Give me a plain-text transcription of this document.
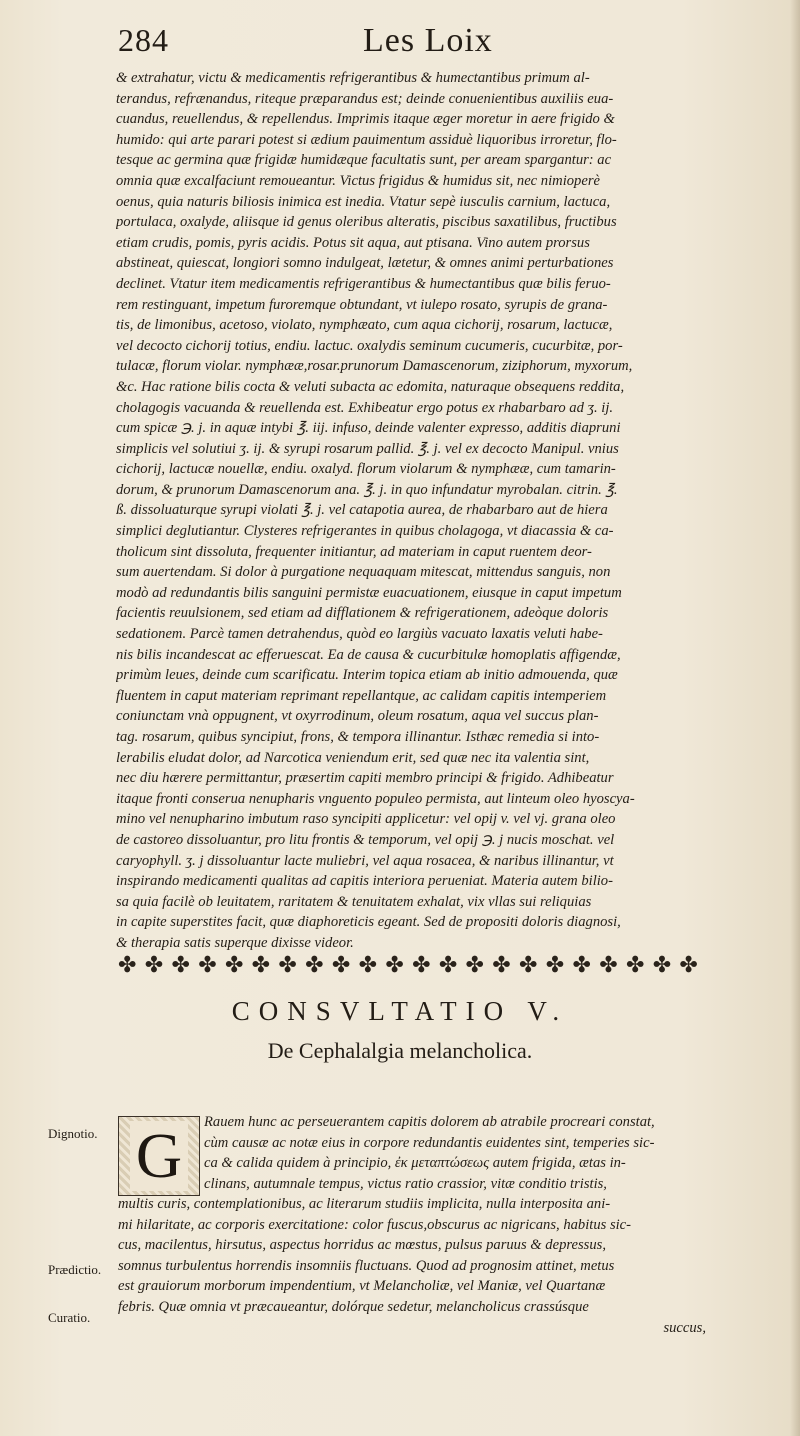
284	Les Loix
& extrahatur, victu & medicamentis refrigerantibus & humectantibus primum al-
terandus, refrænandus, riteque præparandus est; deinde conuenientibus auxiliis eua-
cuandus, reuellendus, & repellendus. Imprimis itaque æger moretur in aere frigido &
humido: qui arte parari potest si ædium pauimentum assiduè liquoribus irroretur, flo-
tesque ac germina quæ frigidæ humidæque facultatis sunt, per aream spargantur: ac
omnia quæ excalfaciunt remoueantur. Victus frigidus & humidus sit, nec nimioperè
oenus, quia naturis biliosis inimica est inedia. Vtatur sepè iusculis carnium, lactuca,
portulaca, oxalyde, aliisque id genus oleribus alteratis, piscibus saxatilibus, fructibus
etiam crudis, pomis, pyris acidis. Potus sit aqua, aut ptisana. Vino autem prorsus
abstineat, quiescat, longiori somno indulgeat, lætetur, & omnes animi perturbationes
declinet. Vtatur item medicamentis refrigerantibus & humectantibus quæ bilis feruo-
rem restinguant, impetum furoremque obtundant, vt iulepo rosato, syrupis de grana-
tis, de limonibus, acetoso, violato, nymphæato, cum aqua cichorij, rosarum, lactucæ,
vel decocto cichorij totius, endiu. lactuc. oxalydis seminum cucumeris, cucurbitæ, por-
tulacæ, florum violar. nymphææ,rosar.prunorum Damascenorum, ziziphorum, myxorum,
&c. Hac ratione bilis cocta & veluti subacta ac edomita, naturaque obsequens reddita,
cholagogis vacuanda & reuellenda est. Exhibeatur ergo potus ex rhabarbaro ad ʒ. ij.
cum spicæ ℈. j. in aquæ intybi ℥. iij. infuso, deinde valenter expresso, additis diapruni
simplicis vel solutiui ʒ. ij. & syrupi rosarum pallid. ℥. j. vel ex decocto Manipul. vnius
cichorij, lactucæ nouellæ, endiu. oxalyd. florum violarum & nymphææ, cum tamarin-
dorum, & prunorum Damascenorum ana. ℥. j. in quo infundatur myrobalan. citrin. ℥.
ß. dissoluaturque syrupi violati ℥. j. vel catapotia aurea, de rhabarbaro aut de hiera
simplici deglutiantur. Clysteres refrigerantes in quibus cholagoga, vt diacassia & ca-
tholicum sint dissoluta, frequenter initiantur, ad materiam in caput ruentem deor-
sum auertendam. Si dolor à purgatione nequaquam mitescat, mittendus sanguis, non
modò ad redundantis bilis sanguini permistæ euacuationem, eiusque in caput impetum
facientis reuulsionem, sed etiam ad difflationem & refrigerationem, adeòque doloris
sedationem. Parcè tamen detrahendus, quòd eo largiùs vacuato laxatis veluti habe-
nis bilis incandescat ac efferuescat. Ea de causa & cucurbitulæ homoplatis affigendæ,
primùm leues, deinde cum scarificatu. Interim topica etiam ab initio admouenda, quæ
fluentem in caput materiam reprimant repellantque, ac calidam capitis intemperiem
coniunctam vnà oppugnent, vt oxyrrodinum, oleum rosatum, aqua vel succus plan-
tag. rosarum, quibus syncipiut, frons, & tempora illinantur. Isthæc remedia si into-
lerabilis eludat dolor, ad Narcotica veniendum erit, sed quæ nec ita valentia sint,
nec diu hærere permittantur, præsertim capiti membro principi & frigido. Adhibeatur
itaque fronti conserua nenupharis vnguento populeo permista, aut linteum oleo hyoscya-
mino vel nenupharino imbutum raso syncipiti applicetur: vel opij v. vel vj. grana oleo
de castoreo dissoluantur, pro litu frontis & temporum, vel opij ℈. j nucis moschat. vel
caryophyll. ʒ. j dissoluantur lacte muliebri, vel aqua rosacea, & naribus illinantur, vt
inspirando medicamenti qualitas ad capitis interiora perueniat. Materia autem bilio-
sa quia facilè ob leuitatem, raritatem & tenuitatem exhalat, vix vllas sui reliquias
in capite superstites facit, quæ diaphoreticis egeant. Sed de propositi doloris diagnosi,
& therapia satis superque dixisse videor.
✤ ✤ ✤ ✤ ✤ ✤ ✤ ✤ ✤ ✤ ✤ ✤ ✤ ✤ ✤ ✤ ✤ ✤ ✤ ✤ ✤ ✤
CONSVLTATIO V.
De Cephalalgia melancholica.
G	Rauem hunc ac perseuerantem capitis dolorem ab atrabile procreari constat,
cùm causæ ac notæ eius in corpore redundantis euidentes sint, temperies sic-
ca & calida quidem à principio, ἐκ μεταπτώσεως autem frigida, ætas in-
clinans, autumnale tempus, victus ratio crassior, vitæ conditio tristis,
multis curis, contemplationibus, ac literarum studiis implicita, nulla interposita ani-
mi hilaritate, ac corporis exercitatione: color fuscus,obscurus ac nigricans, habitus sic-
cus, macilentus, hirsutus, aspectus horridus ac mœstus, pulsus paruus & depressus,
somnus turbulentus horrendis insomniis fluctuans. Quod ad prognosim attinet, metus
est grauiorum morborum impendentium, vt Melancholiæ, vel Maniæ, vel Quartanæ
febris. Quæ omnia vt præcaueantur, dolórque sedetur, melancholicus crassúsque
succus,
Dignotio.
Prædictio.
Curatio.
